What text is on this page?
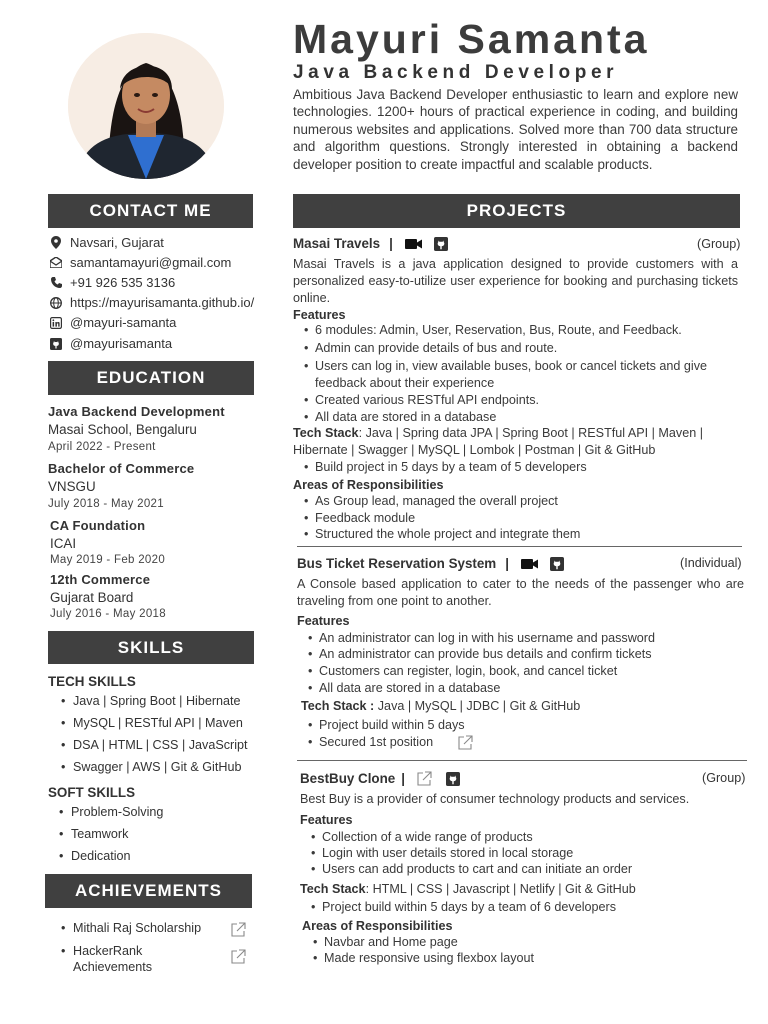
Mayuri Samanta
Java Backend Developer
Ambitious Java Backend Developer enthusiastic to learn and explore new technologies. 1200+ hours of practical experience in coding, and building numerous websites and applications. Solved more than 700 data structure and algorithm questions. Strongly interested in obtaining a backend developer position to create impactful and scalable products.
CONTACT ME
Navsari, Gujarat
samantamayuri@gmail.com
+91 926 535 3136
https://mayurisamanta.github.io/
@mayuri-samanta
@mayurisamanta
EDUCATION
Java Backend Development
Masai School, Bengaluru
April 2022 - Present
Bachelor of Commerce
VNSGU
July 2018 - May 2021
CA Foundation
ICAI
May 2019 - Feb 2020
12th Commerce
Gujarat Board
July 2016 - May 2018
SKILLS
TECH SKILLS
• Java | Spring Boot | Hibernate
• MySQL | RESTful API | Maven
• DSA | HTML | CSS | JavaScript
• Swagger | AWS | Git & GitHub
SOFT SKILLS
• Problem-Solving
• Teamwork
• Dedication
ACHIEVEMENTS
• Mithali Raj Scholarship
• HackerRank
Achievements
PROJECTS
Masai Travels |	(Group)
Masai Travels is a java application designed to provide customers with a personalized easy-to-utilize user experience for booking and purchasing tickets online.
Features
• 6 modules: Admin, User, Reservation, Bus, Route, and Feedback.
• Admin can provide details of bus and route.
• Users can log in, view available buses, book or cancel tickets and give feedback about their experience
• Created various RESTful API endpoints.
• All data are stored in a database
Tech Stack: Java | Spring data JPA | Spring Boot | RESTful API | Maven | Hibernate | Swagger | MySQL | Lombok | Postman | Git & GitHub
• Build project in 5 days by a team of 5 developers
Areas of Responsibilities
• As Group lead, managed the overall project
• Feedback module
• Structured the whole project and integrate them
Bus Ticket Reservation System |	(Individual)
A Console based application to cater to the needs of the passenger who are traveling from one point to another.
Features
• An administrator can log in with his username and password
• An administrator can provide bus details and confirm tickets
• Customers can register, login, book, and cancel ticket
• All data are stored in a database
Tech Stack : Java | MySQL | JDBC | Git & GitHub
• Project build within 5 days
• Secured 1st position
BestBuy Clone |	(Group)
Best Buy is a provider of consumer technology products and services.
Features
• Collection of a wide range of products
• Login with user details stored in local storage
• Users can add products to cart and can initiate an order
Tech Stack: HTML | CSS | Javascript | Netlify | Git & GitHub
• Project build within 5 days by a team of 6 developers
Areas of Responsibilities
• Navbar and Home page
• Made responsive using flexbox layout
